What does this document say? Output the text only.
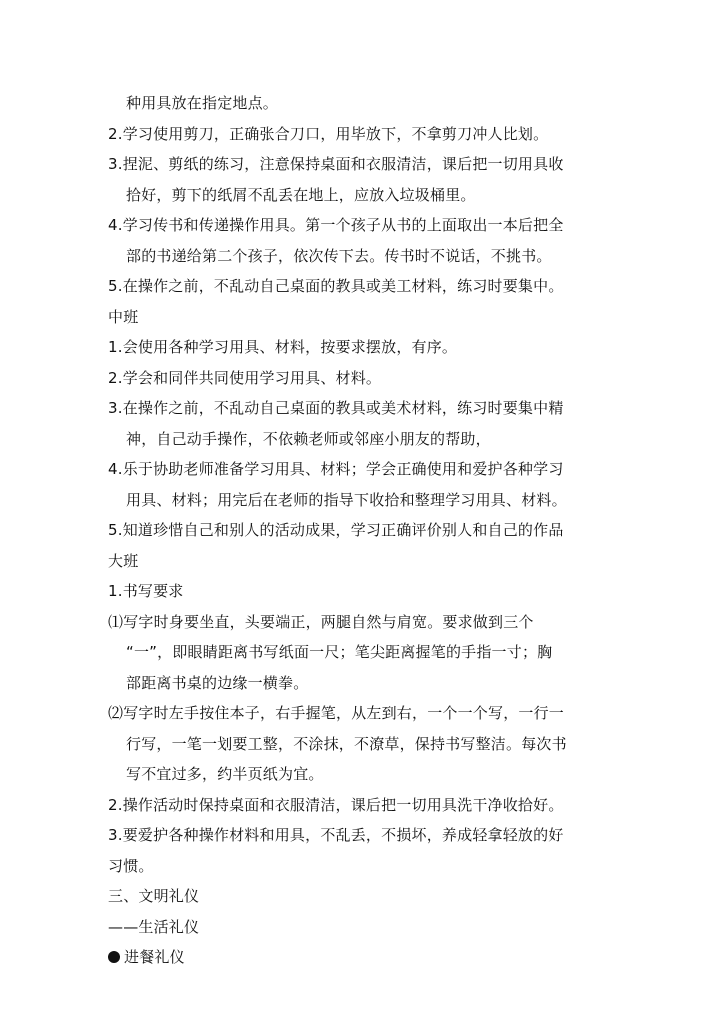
种用具放在指定地点。
2.学习使用剪刀，正确张合刀口，用毕放下，不拿剪刀冲人比划。
3.捏泥、剪纸的练习，注意保持桌面和衣服清洁，课后把一切用具收
拾好，剪下的纸屑不乱丢在地上，应放入垃圾桶里。
4.学习传书和传递操作用具。第一个孩子从书的上面取出一本后把全
部的书递给第二个孩子，依次传下去。传书时不说话，不挑书。
5.在操作之前，不乱动自己桌面的教具或美工材料，练习时要集中。
中班
1.会使用各种学习用具、材料，按要求摆放，有序。
2.学会和同伴共同使用学习用具、材料。
3.在操作之前，不乱动自己桌面的教具或美术材料，练习时要集中精
神，自己动手操作，不依赖老师或邻座小朋友的帮助，
4.乐于协助老师准备学习用具、材料；学会正确使用和爱护各种学习
用具、材料；用完后在老师的指导下收拾和整理学习用具、材料。
5.知道珍惜自己和别人的活动成果，学习正确评价别人和自己的作品
大班
1.书写要求
⑴写字时身要坐直，头要端正，两腿自然与肩宽。要求做到三个
“一”，即眼睛距离书写纸面一尺；笔尖距离握笔的手指一寸；胸
部距离书桌的边缘一横拳。
⑵写字时左手按住本子，右手握笔，从左到右，一个一个写，一行一
行写，一笔一划要工整，不涂抹，不潦草，保持书写整洁。每次书
写不宜过多，约半页纸为宜。
2.操作活动时保持桌面和衣服清洁，课后把一切用具洗干净收拾好。
3.要爱护各种操作材料和用具，不乱丢，不损坏，养成轻拿轻放的好
习惯。
三、文明礼仪
——生活礼仪
进餐礼仪
